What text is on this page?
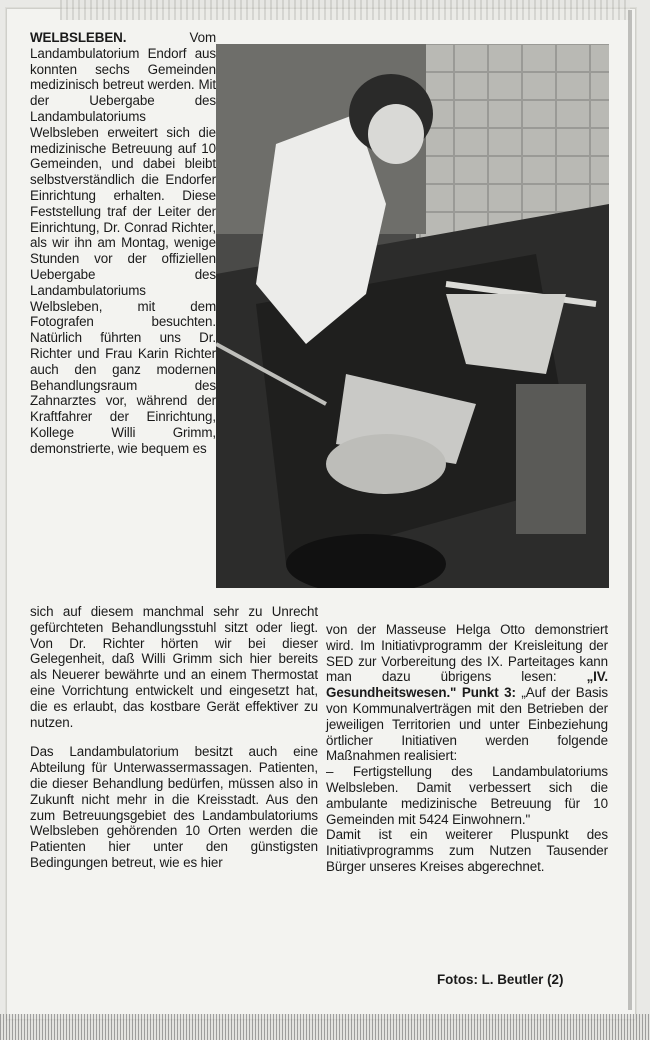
WELBSLEBEN.	Vom Landambulatorium Endorf aus konnten sechs Gemeinden medizinisch betreut werden. Mit der Uebergabe des Landambulatoriums Welbsleben erweitert sich die medizinische Betreuung auf 10 Gemeinden, und dabei bleibt selbstverständlich die Endorfer Einrichtung erhalten. Diese Feststellung traf der Leiter der Einrichtung, Dr. Conrad Richter, als wir ihn am Montag, wenige Stunden vor der offiziellen Uebergabe des Landambulatoriums Welbsleben, mit dem Fotografen besuchten. Natürlich führten uns Dr. Richter und Frau Karin Richter auch den ganz modernen Behandlungsraum des Zahnarztes vor, während der Kraftfahrer der Einrichtung, Kollege Willi Grimm, demonstrierte, wie bequem es

sich auf diesem manchmal sehr zu Unrecht gefürchteten Behandlungsstuhl sitzt oder liegt. Von Dr. Richter hörten wir bei dieser Gelegenheit, daß Willi Grimm sich hier bereits als Neuerer bewährte und an einem Thermostat eine Vorrichtung entwickelt und eingesetzt hat, die es erlaubt, das kostbare Gerät effektiver zu nutzen.

Das Landambulatorium besitzt auch eine Abteilung für Unterwassermassagen. Patienten, die dieser Behandlung bedürfen, müssen also in Zukunft nicht mehr in die Kreisstadt. Aus den zum Betreuungsgebiet des Landambulatoriums Welbsleben gehörenden 10 Orten werden die Patienten hier unter den günstigsten Bedingungen betreut, wie es hier

von der Masseuse Helga Otto demonstriert wird. Im Initiativprogramm der Kreisleitung der SED zur Vorbereitung des IX. Parteitages kann man dazu übrigens lesen: „IV. Gesundheitswesen." Punkt 3: „Auf der Basis von Kommunalverträgen mit den Betrieben der jeweiligen Territorien und unter Einbeziehung örtlicher Initiativen werden folgende Maßnahmen realisiert:

– Fertigstellung des Landambulatoriums Welbsleben. Damit verbessert sich die ambulante medizinische Betreuung für 10 Gemeinden mit 5424 Einwohnern."

Damit ist ein weiterer Pluspunkt des Initiativprogramms zum Nutzen Tausender Bürger unseres Kreises abgerechnet.

Fotos: L. Beutler (2)
